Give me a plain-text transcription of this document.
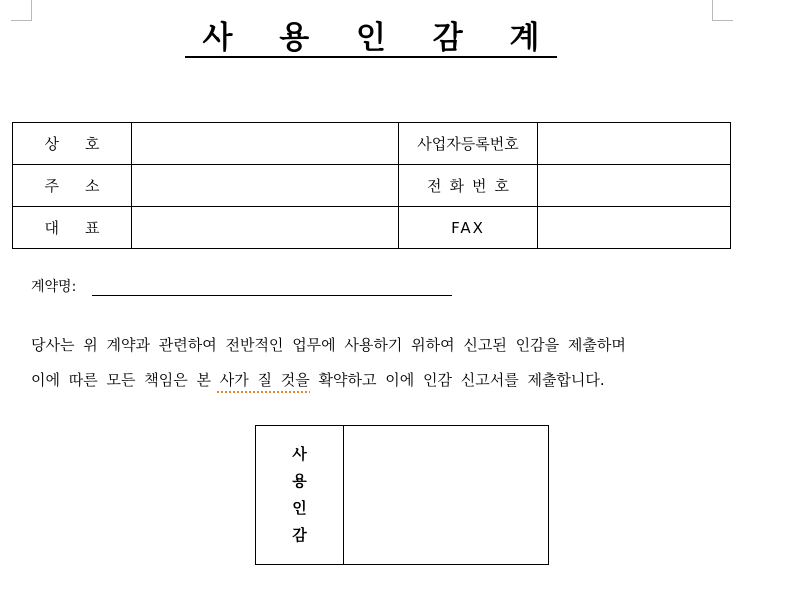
사 용 인 감 계
상호		사업자등록번호	
주소		전화번호	
대표		FAX	
계약명:

당사는 위 계약과 관련하여 전반적인 업무에 사용하기 위하여 신고된 인감을 제출하며

이에 따른 모든 책임은 본 사가 질 것을 확약하고 이에 인감 신고서를 제출합니다.

사
용
인
감
